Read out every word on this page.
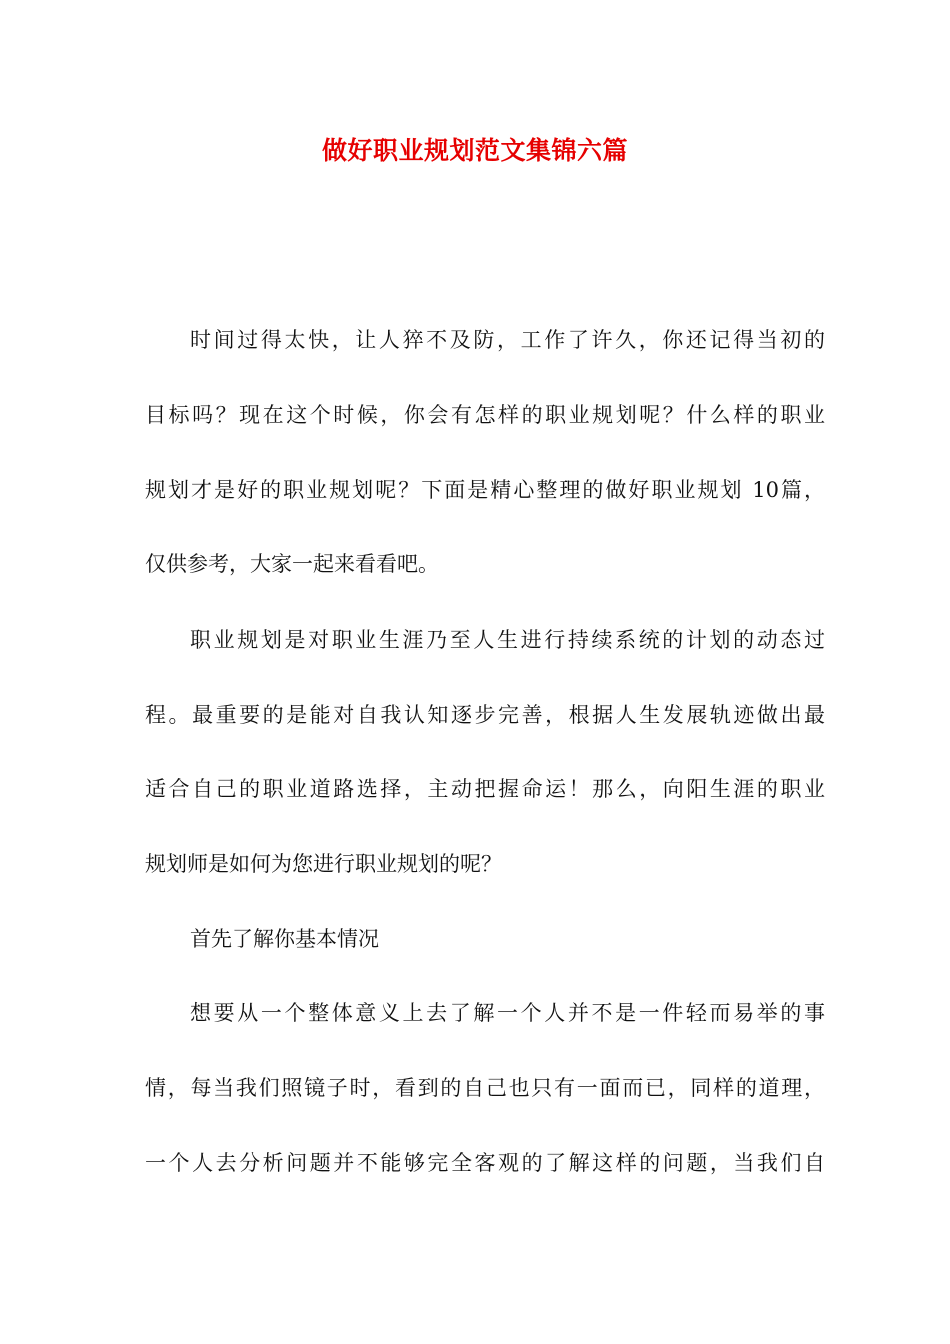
做好职业规划范文集锦六篇
时间过得太快，让人猝不及防，工作了许久，你还记得当初的
目标吗？现在这个时候，你会有怎样的职业规划呢？什么样的职业
规划才是好的职业规划呢？下面是精心整理的做好职业规划 10篇，
仅供参考，大家一起来看看吧。
职业规划是对职业生涯乃至人生进行持续系统的计划的动态过
程。最重要的是能对自我认知逐步完善，根据人生发展轨迹做出最
适合自己的职业道路选择，主动把握命运！那么，向阳生涯的职业
规划师是如何为您进行职业规划的呢？
首先了解你基本情况
想要从一个整体意义上去了解一个人并不是一件轻而易举的事
情，每当我们照镜子时，看到的自己也只有一面而已，同样的道理，
一个人去分析问题并不能够完全客观的了解这样的问题，当我们自
